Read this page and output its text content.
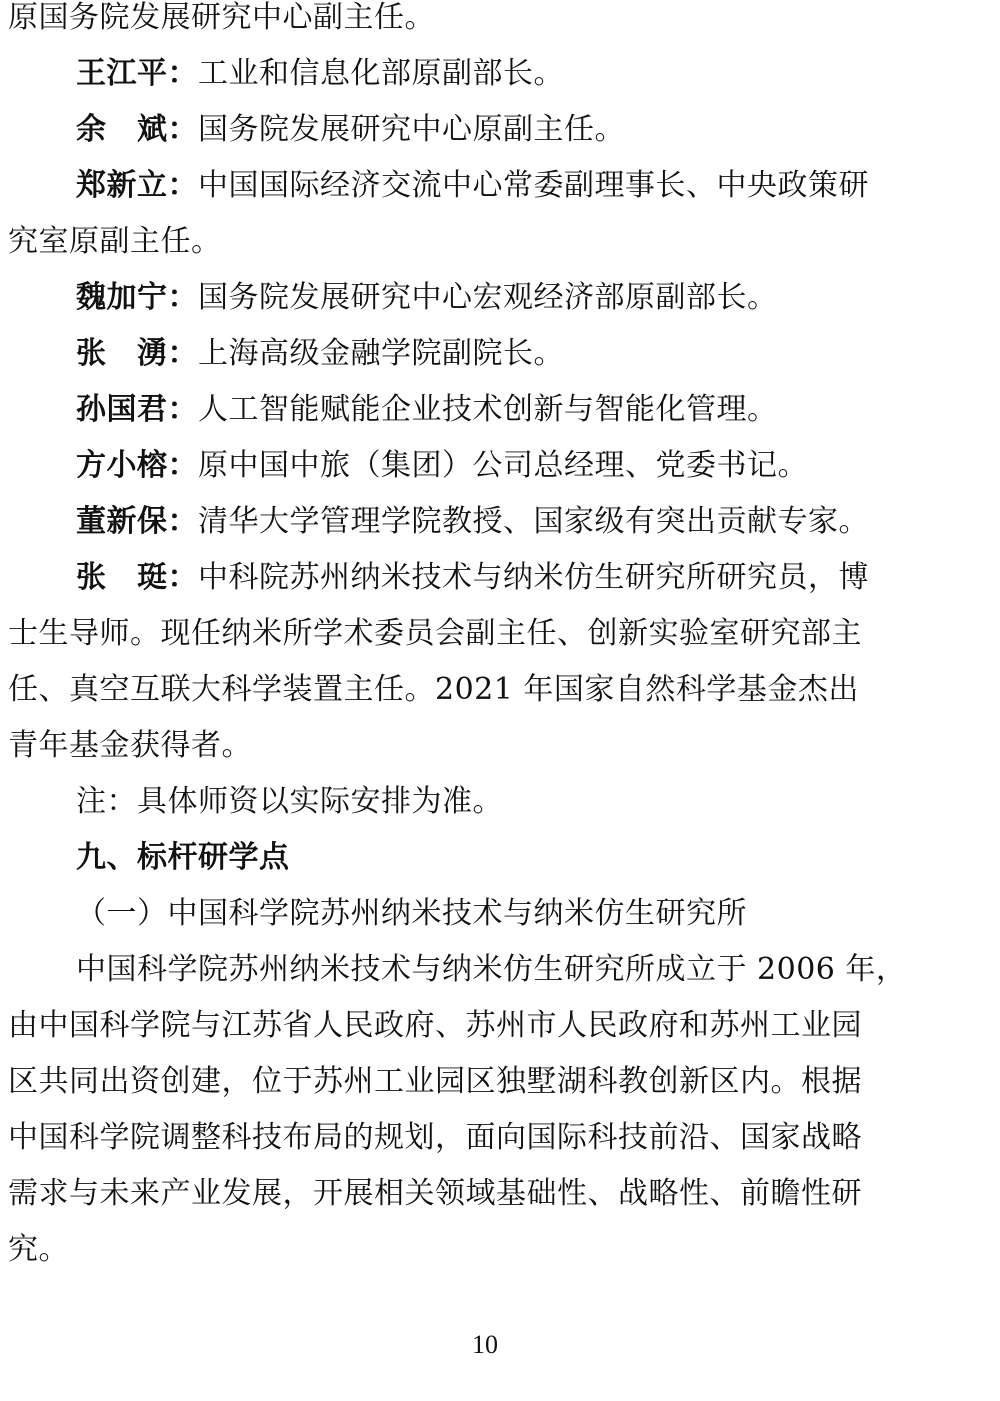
原国务院发展研究中心副主任。
王江平：工业和信息化部原副部长。
余　斌：国务院发展研究中心原副主任。
郑新立：中国国际经济交流中心常委副理事长、中央政策研
究室原副主任。
魏加宁：国务院发展研究中心宏观经济部原副部长。
张　湧：上海高级金融学院副院长。
孙国君：人工智能赋能企业技术创新与智能化管理。
方小榕：原中国中旅（集团）公司总经理、党委书记。
董新保：清华大学管理学院教授、国家级有突出贡献专家。
张　珽：中科院苏州纳米技术与纳米仿生研究所研究员，博
士生导师。现任纳米所学术委员会副主任、创新实验室研究部主
任、真空互联大科学装置主任。2021 年国家自然科学基金杰出
青年基金获得者。
注：具体师资以实际安排为准。
九、标杆研学点
（一）中国科学院苏州纳米技术与纳米仿生研究所
中国科学院苏州纳米技术与纳米仿生研究所成立于 2006 年，
由中国科学院与江苏省人民政府、苏州市人民政府和苏州工业园
区共同出资创建，位于苏州工业园区独墅湖科教创新区内。根据
中国科学院调整科技布局的规划，面向国际科技前沿、国家战略
需求与未来产业发展，开展相关领域基础性、战略性、前瞻性研
究。
10
